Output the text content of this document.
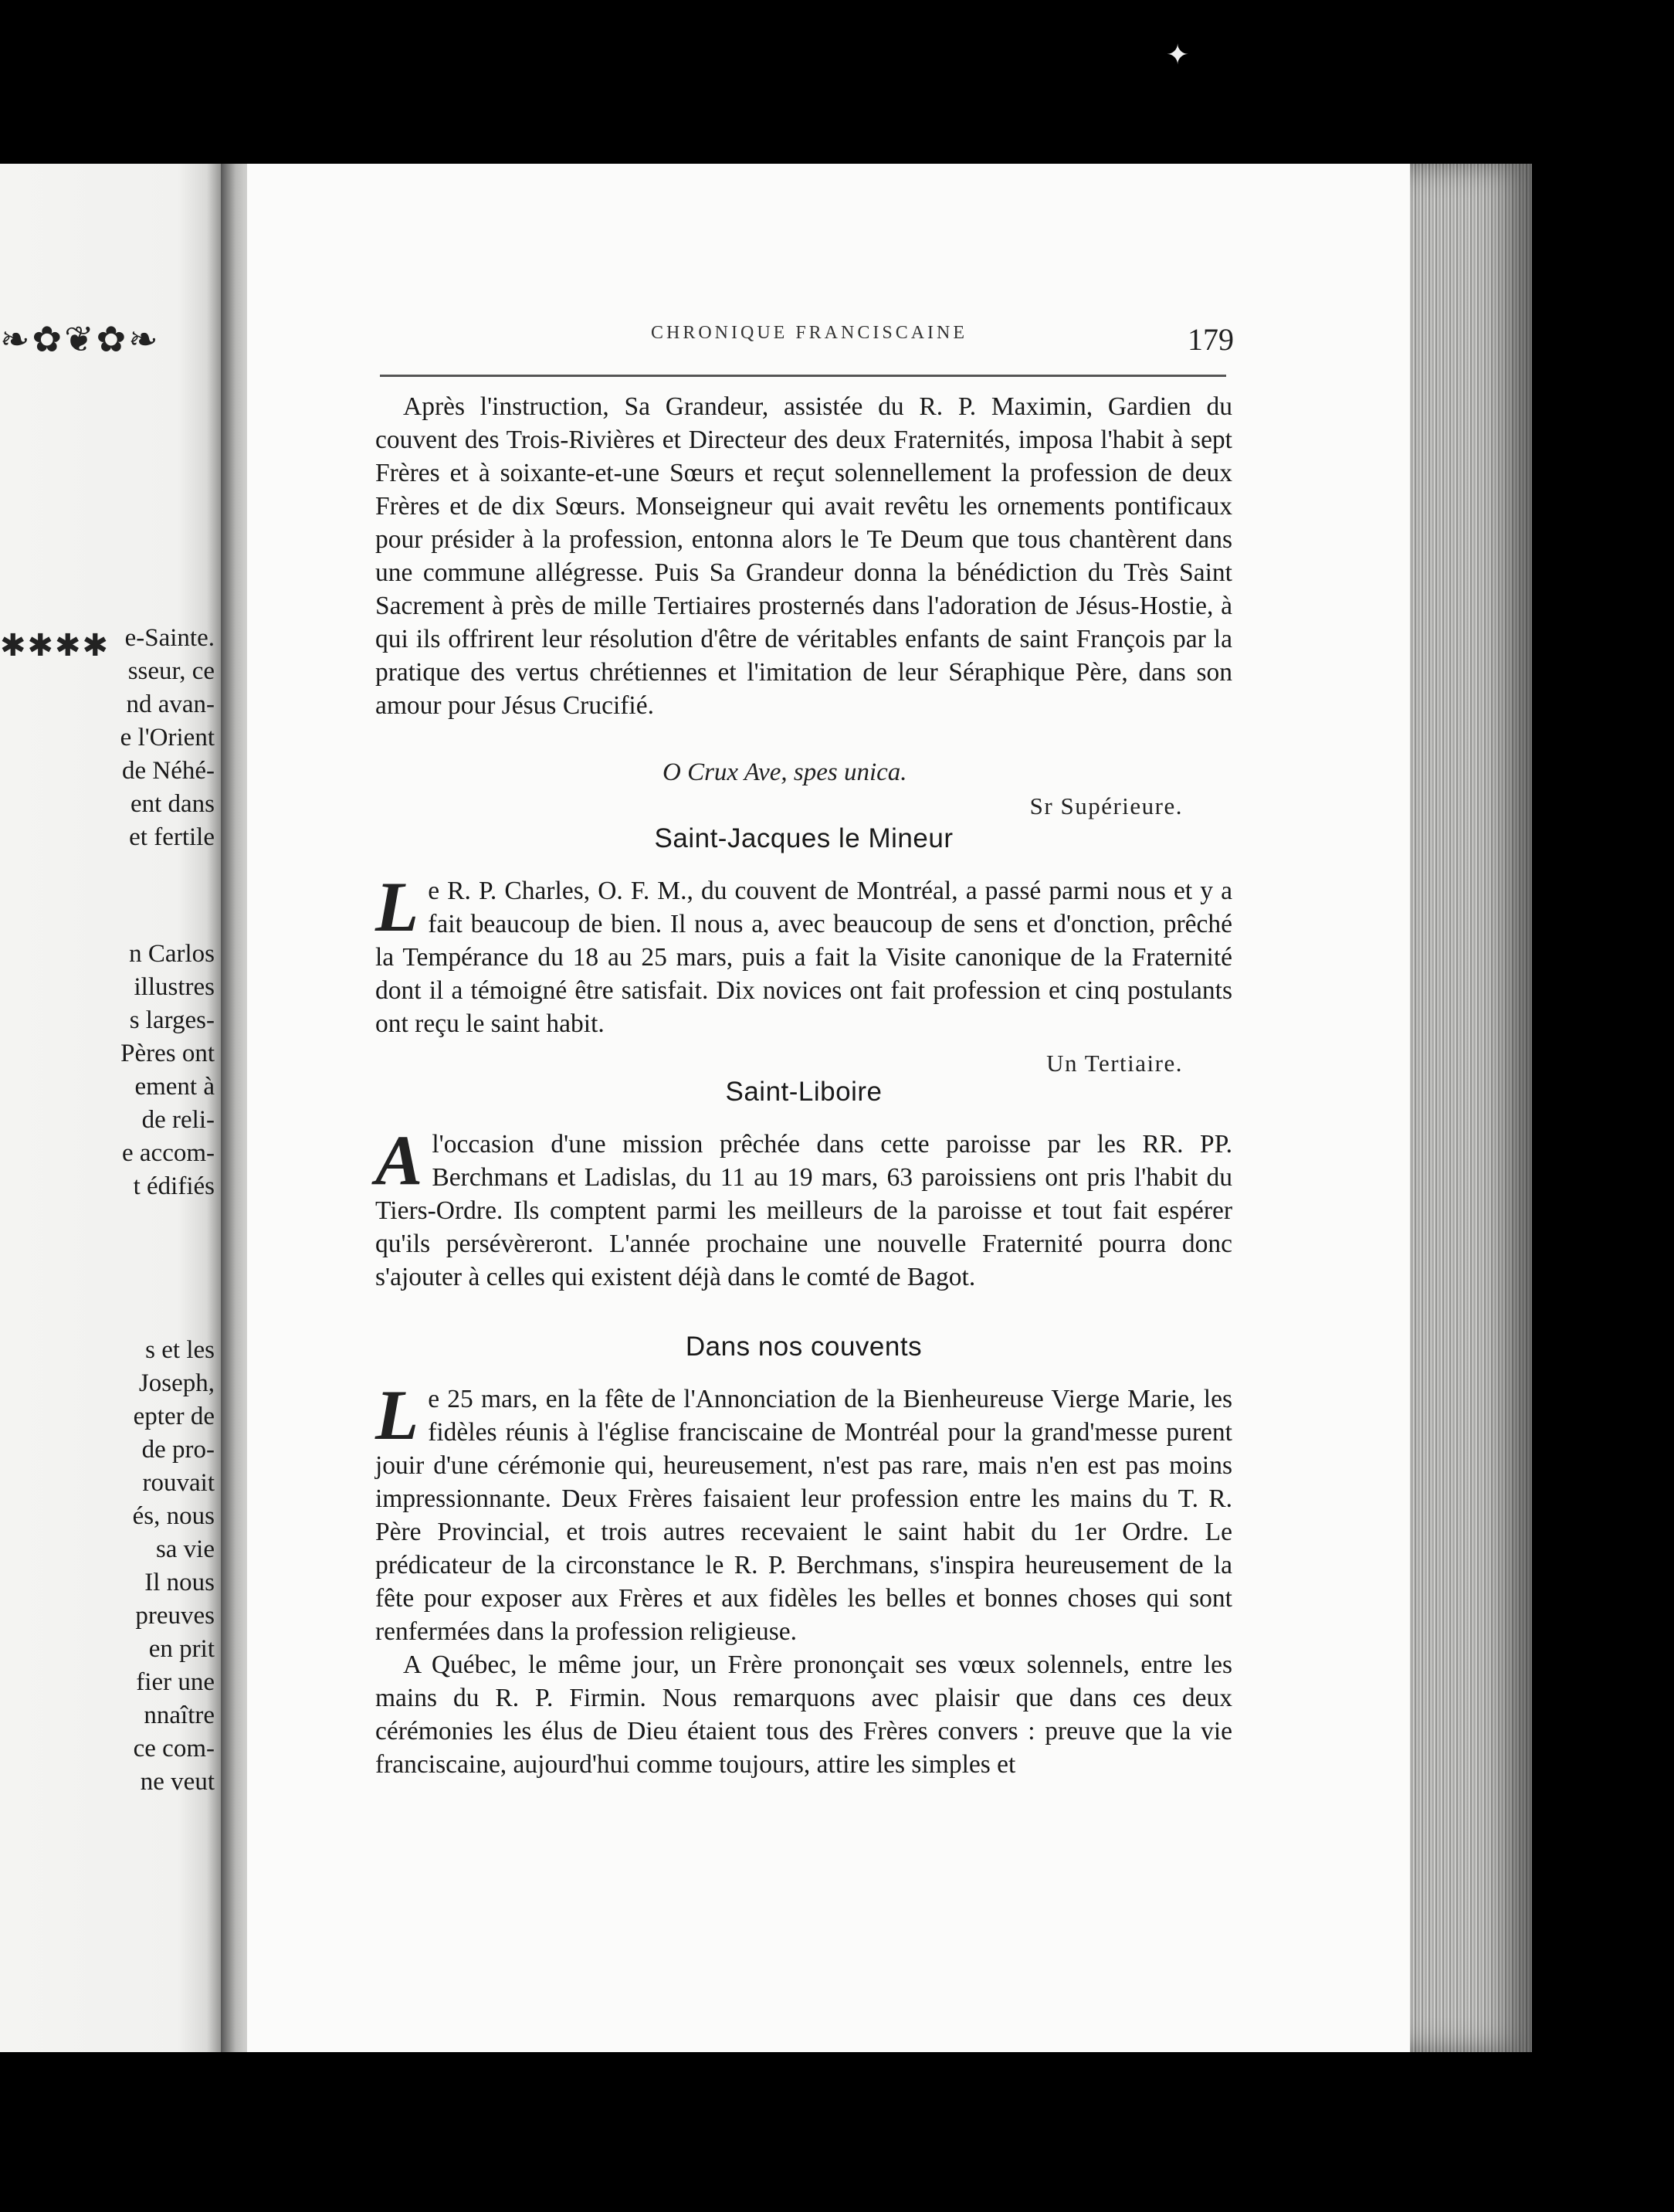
❧✿❦✿❧
✱✱✱✱ e-Sainte.
sseur, ce
nd avan-
e l'Orient
de Néhé-
ent dans
et fertile
n Carlos
illustres
s larges-
Pères ont
ement à
de reli-
e accom-
t édifiés
s et les
Joseph,
epter de
de pro-
rouvait
és, nous
sa vie
Il nous
preuves
en prit
fier une
nnaître
ce com-
ne veut
CHRONIQUE FRANCISCAINE	179

Après l'instruction, Sa Grandeur, assistée du R. P. Maximin, Gardien du couvent des Trois-Rivières et Directeur des deux Fraternités, imposa l'habit à sept Frères et à soixante-et-une Sœurs et reçut solennellement la profession de deux Frères et de dix Sœurs. Monseigneur qui avait revêtu les ornements pontificaux pour présider à la profession, entonna alors le Te Deum que tous chantèrent dans une commune allégresse. Puis Sa Grandeur donna la bénédiction du Très Saint Sacrement à près de mille Tertiaires prosternés dans l'adoration de Jésus-Hostie, à qui ils offrirent leur résolution d'être de véritables enfants de saint François par la pratique des vertus chrétiennes et l'imitation de leur Séraphique Père, dans son amour pour Jésus Crucifié.

O Crux Ave, spes unica.
Sr Supérieure.
Saint-Jacques le Mineur
L e R. P. Charles, O. F. M., du couvent de Montréal, a passé parmi nous et y a fait beaucoup de bien. Il nous a, avec beaucoup de sens et d'onction, prêché la Tempérance du 18 au 25 mars, puis a fait la Visite canonique de la Fraternité dont il a témoigné être satisfait. Dix novices ont fait profession et cinq postulants ont reçu le saint habit.
Un Tertiaire.
Saint-Liboire
A l'occasion d'une mission prêchée dans cette paroisse par les RR. PP. Berchmans et Ladislas, du 11 au 19 mars, 63 paroissiens ont pris l'habit du Tiers-Ordre. Ils comptent parmi les meilleurs de la paroisse et tout fait espérer qu'ils persévèreront. L'année prochaine une nouvelle Fraternité pourra donc s'ajouter à celles qui existent déjà dans le comté de Bagot.
Dans nos couvents

L e 25 mars, en la fête de l'Annonciation de la Bienheureuse Vierge Marie, les fidèles réunis à l'église franciscaine de Montréal pour la grand'messe purent jouir d'une cérémonie qui, heureusement, n'est pas rare, mais n'en est pas moins impressionnante. Deux Frères faisaient leur profession entre les mains du T. R. Père Provincial, et trois autres recevaient le saint habit du 1er Ordre. Le prédicateur de la circonstance le R. P. Berchmans, s'inspira heureusement de la fête pour exposer aux Frères et aux fidèles les belles et bonnes choses qui sont renfermées dans la profession religieuse.

A Québec, le même jour, un Frère prononçait ses vœux solennels, entre les mains du R. P. Firmin. Nous remarquons avec plaisir que dans ces deux cérémonies les élus de Dieu étaient tous des Frères convers : preuve que la vie franciscaine, aujourd'hui comme toujours, attire les simples et

✦
